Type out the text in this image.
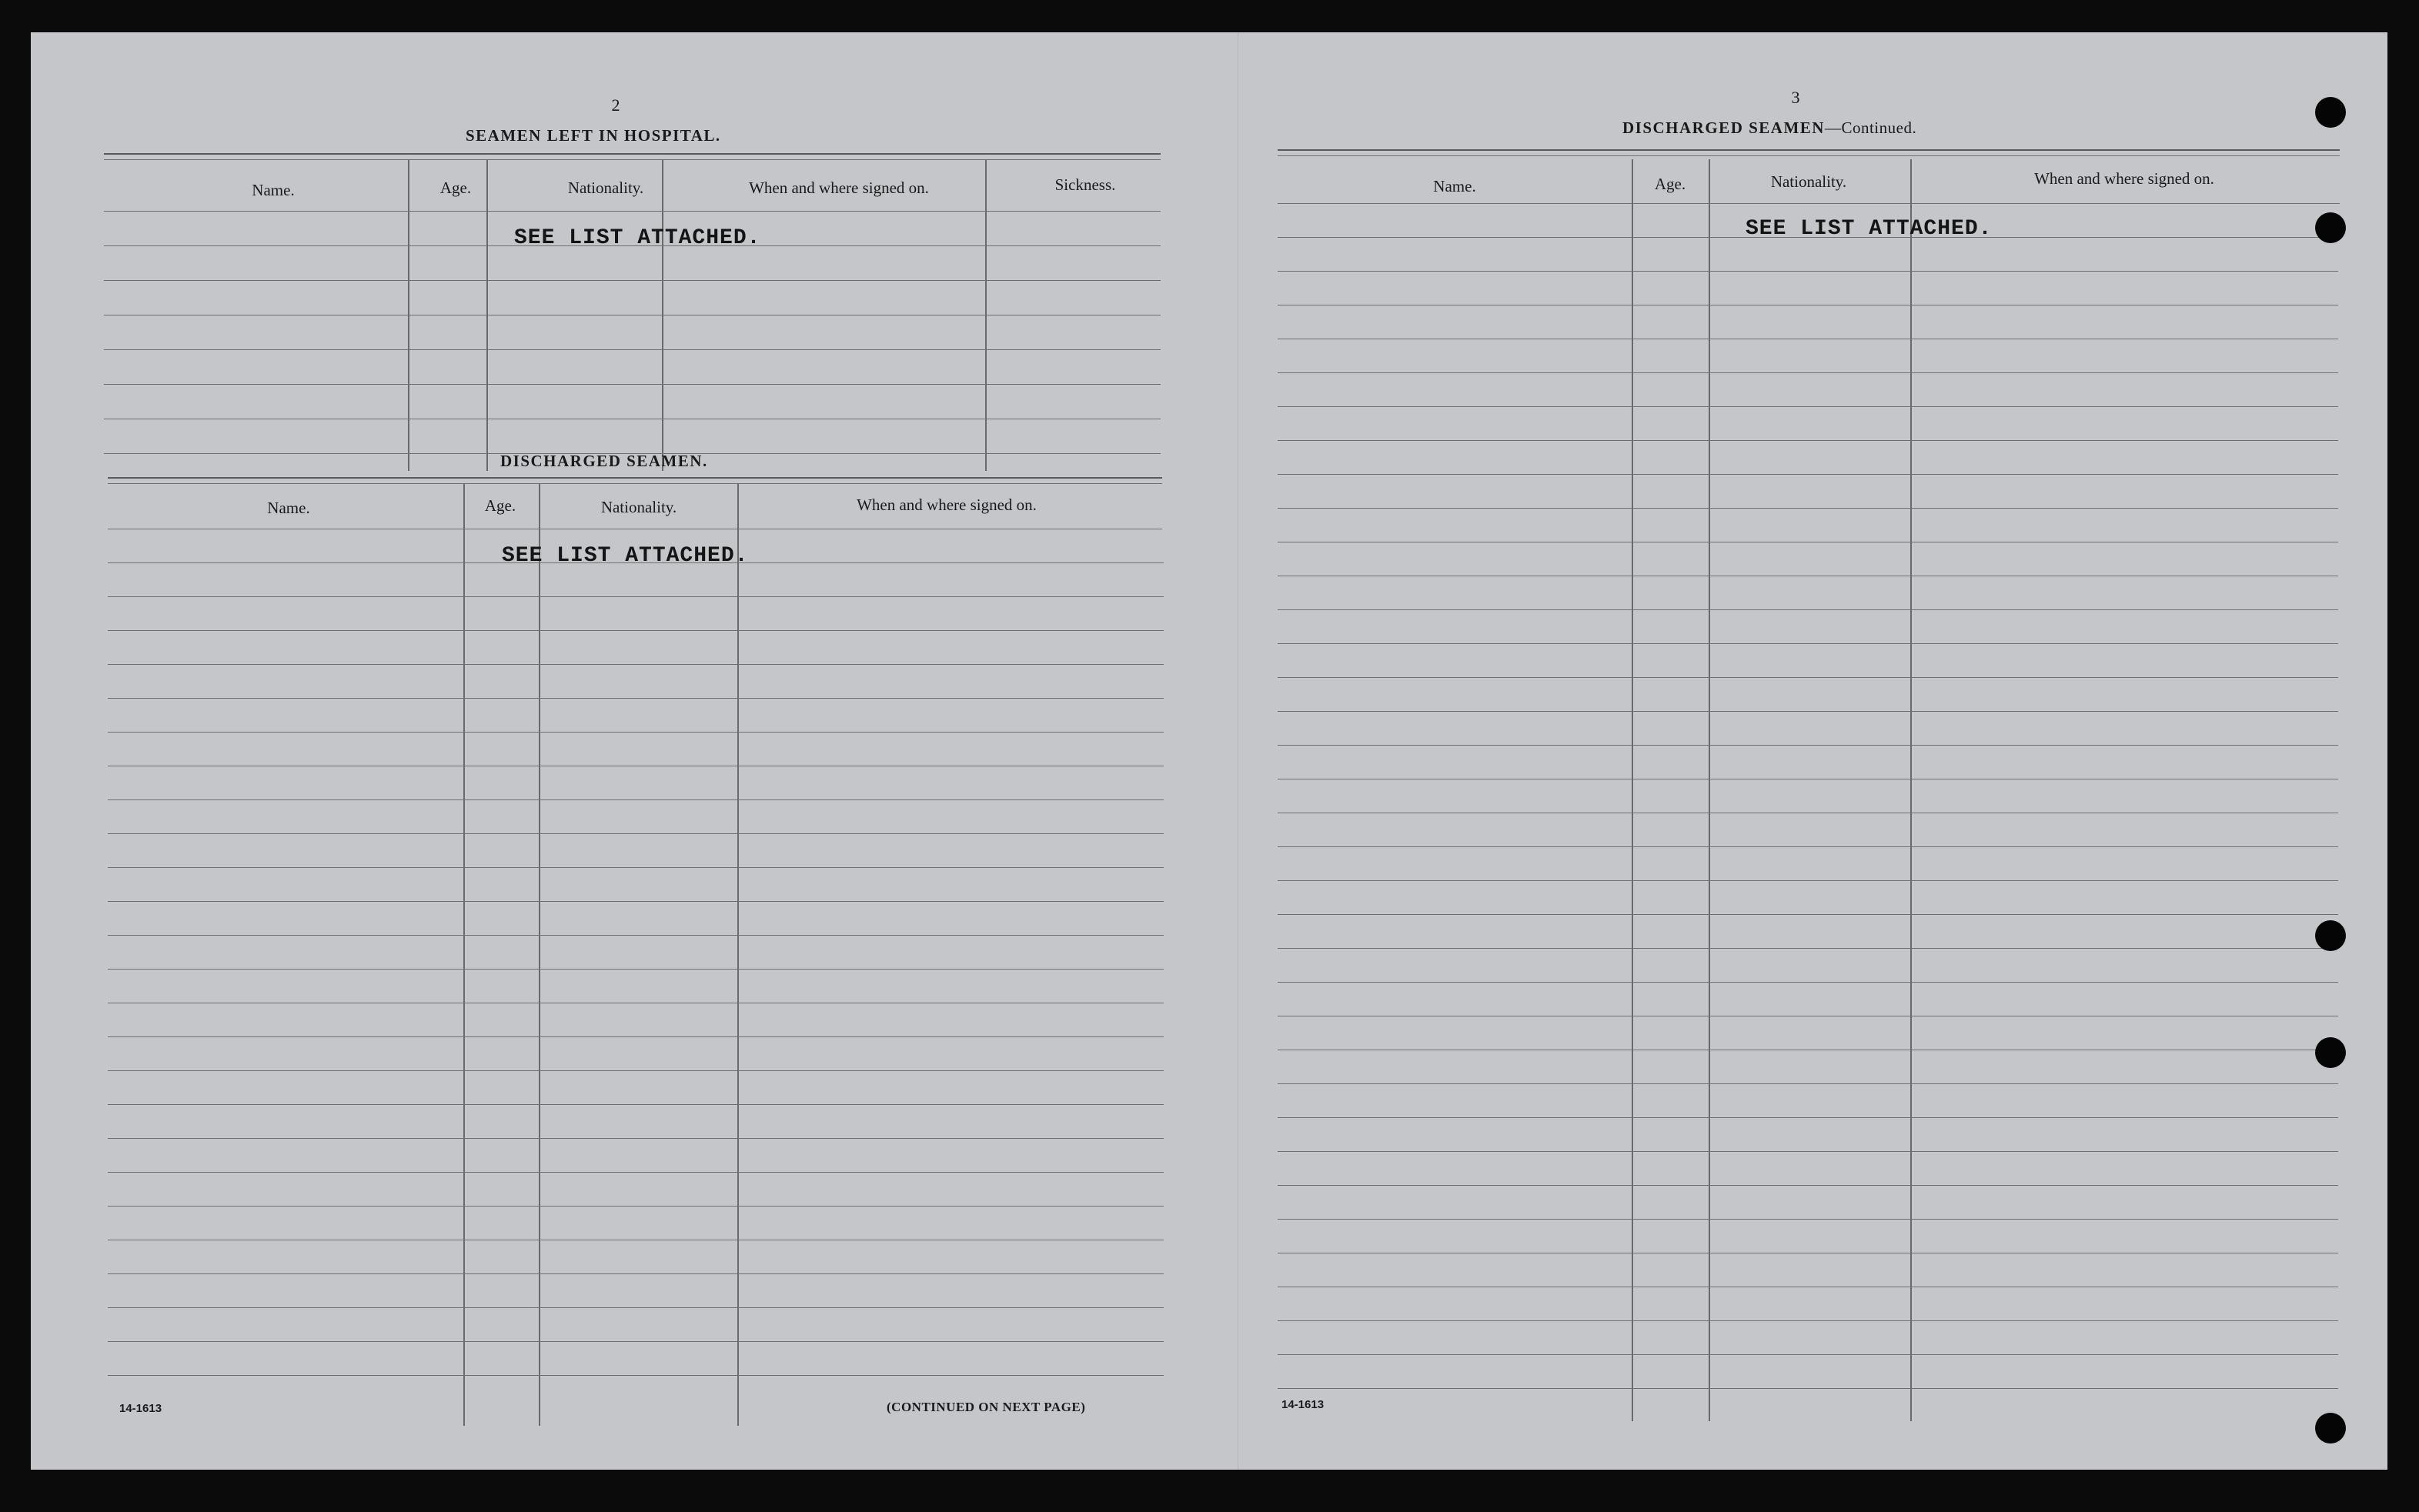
2
SEAMEN LEFT IN HOSPITAL.
Name.	Age.	Nationality.	When and where signed on.	Sickness.
SEE LIST ATTACHED.
DISCHARGED SEAMEN.
Name.	Age.	Nationality.	When and where signed on.
SEE LIST ATTACHED.
14-1613	(CONTINUED ON NEXT PAGE)
3
DISCHARGED SEAMEN—Continued.
Name.	Age.	Nationality.	When and where signed on.
SEE LIST ATTACHED.
14-1613
